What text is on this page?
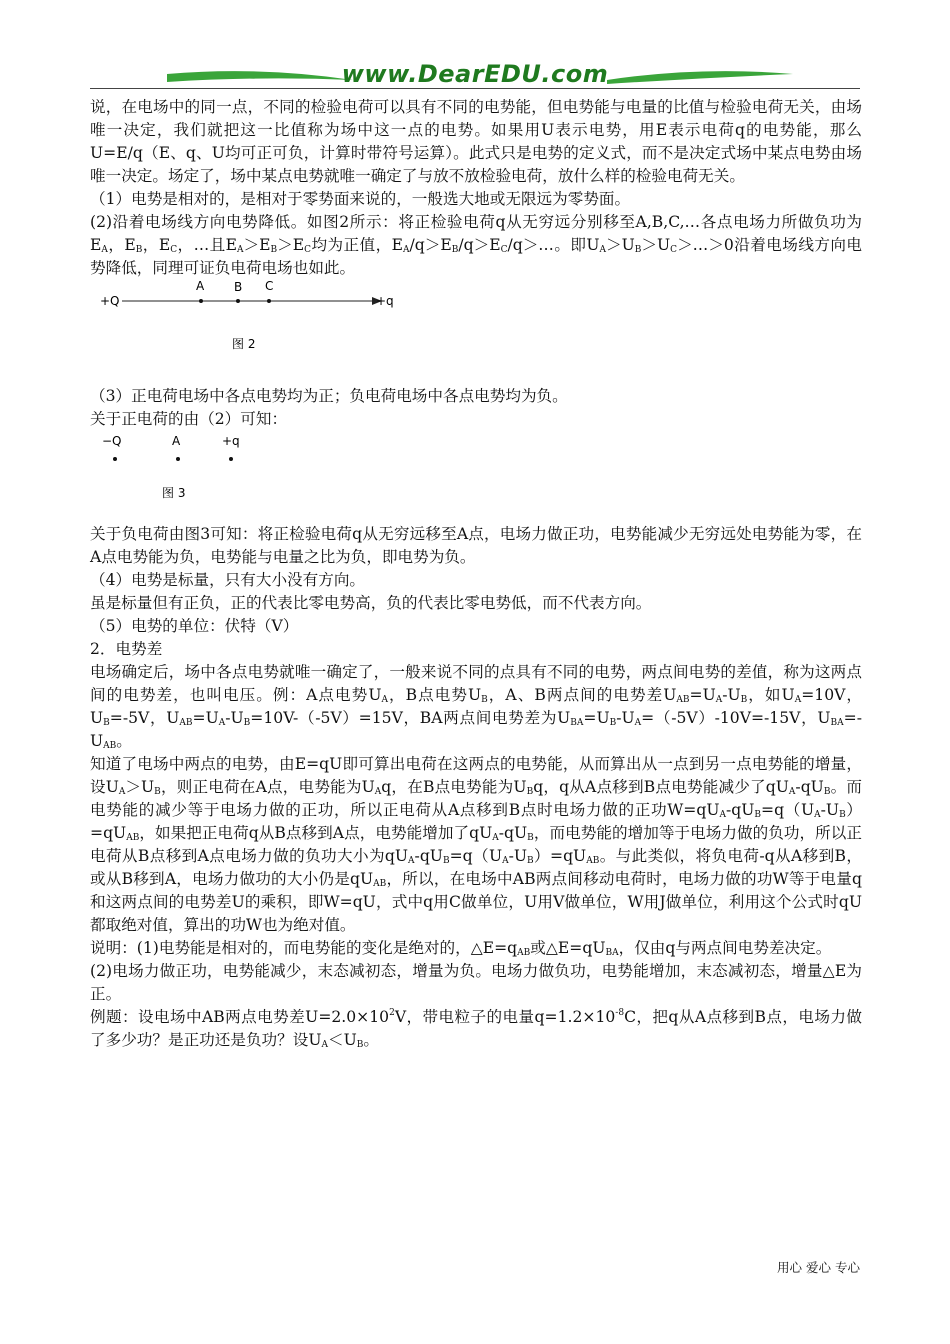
www.DearEDU.com

说，在电场中的同一点，不同的检验电荷可以具有不同的电势能，但电势能与电量的比值与检验电荷无关，由场唯一决定，我们就把这一比值称为场中这一点的电势。如果用U表示电势，用E表示电荷q的电势能，那么U=E/q（E、q、U均可正可负，计算时带符号运算）。此式只是电势的定义式，而不是决定式场中某点电势由场唯一决定。场定了，场中某点电势就唯一确定了与放不放检验电荷，放什么样的检验电荷无关。

（1）电势是相对的，是相对于零势面来说的，一般选大地或无限远为零势面。

(2)沿着电场线方向电势降低。如图2所示：将正检验电荷q从无穷远分别移至A,B,C,…各点电场力所做负功为$E_A$，$E_B$，$E_C$，…且$E_A>E_B>E_C$均为正值，$E_A/q>E_B/q>E_C/q>\dots$。即$U_A>U_B>U_C>\dots>0$沿着电场线方向电势降低，同理可证负电荷电场也如此。

+Q	+q
A B C
图 2

（3）正电荷电场中各点电势均为正；负电荷电场中各点电势均为负。

关于正电荷的由（2）可知：

−Q	A	+q
图 3

关于负电荷由图3可知：将正检验电荷q从无穷远移至A点，电场力做正功，电势能减少无穷远处电势能为零，在A点电势能为负，电势能与电量之比为负，即电势为负。

（4）电势是标量，只有大小没有方向。

虽是标量但有正负，正的代表比零电势高，负的代表比零电势低，而不代表方向。

（5）电势的单位：伏特（V）

2．电势差

电场确定后，场中各点电势就唯一确定了，一般来说不同的点具有不同的电势，两点间电势的差值，称为这两点间的电势差，也叫电压。例：A点电势$U_A$，B点电势$U_B$，A、B两点间的电势差$U_{AB}=U_A-U_B$，如$U_A=10V$，$U_B=-5V$，$U_{AB}=U_A-U_B=10V-(-5V)=15V$，BA两点间电势差为$U_{BA}=U_B-U_A=(-5V)-10V=-15V$，$U_{BA}=-U_{AB}$。

知道了电场中两点的电势，由E=qU即可算出电荷在这两点的电势能，从而算出从一点到另一点电势能的增量，设$U_A>U_B$，则正电荷在A点，电势能为$U_Aq$，在B点电势能为$U_Bq$，q从A点移到B点电势能减少了$qU_A-qU_B$。而电势能的减少等于电场力做的正功，所以正电荷从A点移到B点时电场力做的正功$W=qU_A-qU_B=q(U_A-U_B)=qU_{AB}$，如果把正电荷q从B点移到A点，电势能增加了$qU_A-qU_B$，而电势能的增加等于电场力做的负功，所以正电荷从B点移到A点电场力做的负功大小为$qU_A-qU_B=q(U_A-U_B)=qU_{AB}$。与此类似，将负电荷-q从A移到B，或从B移到A，电场力做功的大小仍是$qU_{AB}$，所以，在电场中AB两点间移动电荷时，电场力做的功W等于电量q和这两点间的电势差U的乘积，即W=qU，式中q用C做单位，U用V做单位，W用J做单位，利用这个公式时qU都取绝对值，算出的功W也为绝对值。

说明：(1)电势能是相对的，而电势能的变化是绝对的，$\triangle E=q_{AB}$或$\triangle E=qU_{BA}$，仅由q与两点间电势差决定。

(2)电场力做正功，电势能减少，末态减初态，增量为负。电场力做负功，电势能增加，末态减初态，增量△E为正。

例题：设电场中AB两点电势差$U=2.0\times 10^2V$，带电粒子的电量$q=1.2\times 10^{-8}C$，把q从A点移到B点，电场力做了多少功？是正功还是负功？设$U_A<U_B$。

用心 爱心 专心
